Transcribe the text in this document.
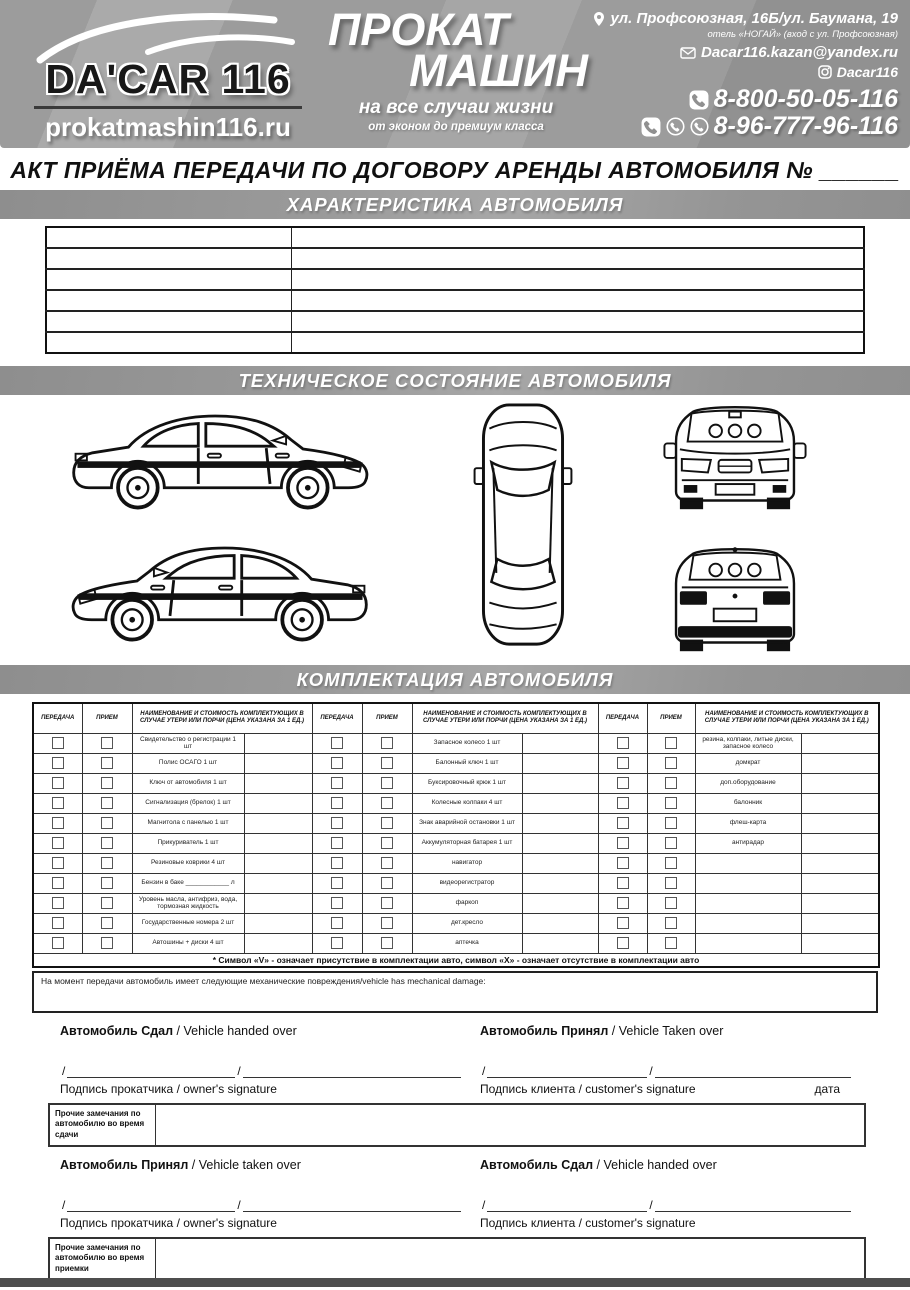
DA'CAR 116
prokatmashin116.ru
ПРОКАТ
МАШИН
на все случаи жизни
от эконом до премиум класса
ул. Профсоюзная, 16Б/ул. Баумана, 19
отель «НОГАЙ» (вход с ул. Профсоюзная)
Dacar116.kazan@yandex.ru
Dacar116
8-800-50-05-116
8-96-777-96-116
АКТ ПРИЁМА ПЕРЕДАЧИ ПО ДОГОВОРУ АРЕНДЫ АВТОМОБИЛЯ № ______
ХАРАКТЕРИСТИКА АВТОМОБИЛЯ

ТЕХНИЧЕСКОЕ СОСТОЯНИЕ АВТОМОБИЛЯ
КОМПЛЕКТАЦИЯ АВТОМОБИЛЯ
ПЕРЕДАЧА	ПРИЕМ	НАИМЕНОВАНИЕ И СТОИМОСТЬ КОМПЛЕКТУЮЩИХ В СЛУЧАЕ УТЕРИ ИЛИ ПОРЧИ (ЦЕНА УКАЗАНА ЗА 1 ЕД.)		ПЕРЕДАЧА	ПРИЕМ	НАИМЕНОВАНИЕ И СТОИМОСТЬ КОМПЛЕКТУЮЩИХ В СЛУЧАЕ УТЕРИ ИЛИ ПОРЧИ (ЦЕНА УКАЗАНА ЗА 1 ЕД.)		ПЕРЕДАЧА	ПРИЕМ	НАИМЕНОВАНИЕ И СТОИМОСТЬ КОМПЛЕКТУЮЩИХ В СЛУЧАЕ УТЕРИ ИЛИ ПОРЧИ (ЦЕНА УКАЗАНА ЗА 1 ЕД.)	
		Свидетельство о регистрации 1 шт				Запасное колесо 1 шт				резина, колпаки, литые диски, запасное колесо	
		Полис ОСАГО 1 шт				Балонный ключ 1 шт				домкрат	
		Ключ от автомобиля 1 шт				Буксировочный крюк 1 шт				доп.оборудование	
		Сигнализация (брелок) 1 шт				Колесные колпаки 4 шт				балонник	
		Магнитола с панелью 1 шт				Знак аварийной остановки 1 шт				флеш-карта	
		Прикуриватель 1 шт				Аккумуляторная батарея 1 шт				антирадар	
		Резиновые коврики 4 шт				навигатор					
		Бензин в баке ____________ л				видеорегистратор					
		Уровень масла, антифриз, вода, тормозная жидкость				фаркоп					
		Государственные номера 2 шт				дет.кресло					
		Автошины + диски 4 шт				аптечка					
* Символ «V» - означает присутствие в комплектации авто, символ «Х» - означает отсутствие в комплектации авто											
На момент передачи автомобиль имеет следующие механические повреждения/vehicle has mechanical damage:
Автомобиль Сдал / Vehicle handed over	Автомобиль Принял / Vehicle Taken over
/	/
Подпись прокатчика / owner's signature
/	/
Подпись клиента / customer's signature	дата
Прочие замечания по автомобилю во время сдачи
Автомобиль Принял / Vehicle taken over	Автомобиль Сдал / Vehicle handed over
/	/
Подпись прокатчика / owner's signature
/	/
Подпись клиента / customer's signature
Прочие замечания по автомобилю во время приемки
